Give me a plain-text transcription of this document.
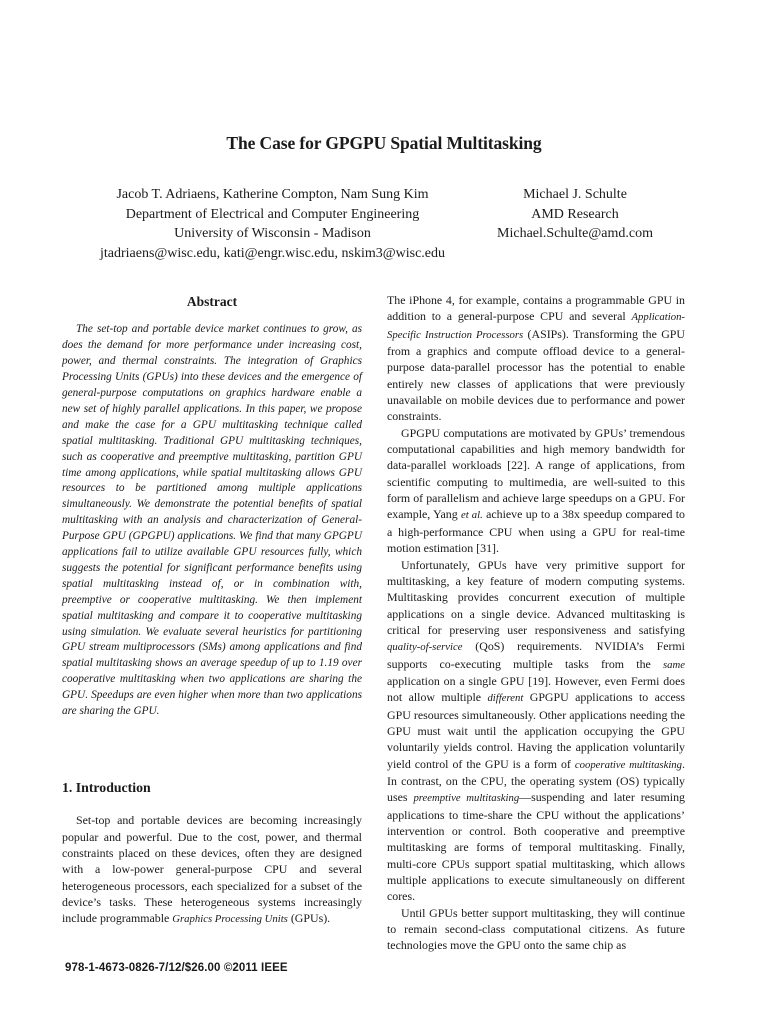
The Case for GPGPU Spatial Multitasking
Jacob T. Adriaens, Katherine Compton, Nam Sung Kim
Department of Electrical and Computer Engineering
University of Wisconsin - Madison
jtadriaens@wisc.edu, kati@engr.wisc.edu, nskim3@wisc.edu
Michael J. Schulte
AMD Research
Michael.Schulte@amd.com
Abstract

The set-top and portable device market continues to grow, as does the demand for more performance under increasing cost, power, and thermal constraints. The integration of Graphics Processing Units (GPUs) into these devices and the emergence of general-purpose computations on graphics hardware enable a new set of highly parallel applications. In this paper, we propose and make the case for a GPU multitasking technique called spatial multitasking. Traditional GPU multitasking techniques, such as cooperative and preemptive multitasking, partition GPU time among applications, while spatial multitasking allows GPU resources to be partitioned among multiple applications simultaneously. We demonstrate the potential benefits of spatial multitasking with an analysis and characterization of General-Purpose GPU (GPGPU) applications. We find that many GPGPU applications fail to utilize available GPU resources fully, which suggests the potential for significant performance benefits using spatial multitasking instead of, or in combination with, preemptive or cooperative multitasking. We then implement spatial multitasking and compare it to cooperative multitasking using simulation. We evaluate several heuristics for partitioning GPU stream multiprocessors (SMs) among applications and find spatial multitasking shows an average speedup of up to 1.19 over cooperative multitasking when two applications are sharing the GPU. Speedups are even higher when more than two applications are sharing the GPU.

1. Introduction

Set-top and portable devices are becoming increasingly popular and powerful. Due to the cost, power, and thermal constraints placed on these devices, often they are designed with a low-power general-purpose CPU and several heterogeneous processors, each specialized for a subset of the device’s tasks. These heterogeneous systems increasingly include programmable Graphics Processing Units (GPUs).

The iPhone 4, for example, contains a programmable GPU in addition to a general-purpose CPU and several Application-Specific Instruction Processors (ASIPs). Transforming the GPU from a graphics and compute offload device to a general-purpose data-parallel processor has the potential to enable entirely new classes of applications that were previously unavailable on mobile devices due to performance and power constraints.

GPGPU computations are motivated by GPUs’ tremendous computational capabilities and high memory bandwidth for data-parallel workloads [22]. A range of applications, from scientific computing to multimedia, are well-suited to this form of parallelism and achieve large speedups on a GPU. For example, Yang et al. achieve up to a 38x speedup compared to a high-performance CPU when using a GPU for real-time motion estimation [31].

Unfortunately, GPUs have very primitive support for multitasking, a key feature of modern computing systems. Multitasking provides concurrent execution of multiple applications on a single device. Advanced multitasking is critical for preserving user responsiveness and satisfying quality-of-service (QoS) requirements. NVIDIA’s Fermi supports co-executing multiple tasks from the same application on a single GPU [19]. However, even Fermi does not allow multiple different GPGPU applications to access GPU resources simultaneously. Other applications needing the GPU must wait until the application occupying the GPU voluntarily yields control. Having the application voluntarily yield control of the GPU is a form of cooperative multitasking. In contrast, on the CPU, the operating system (OS) typically uses preemptive multitasking—suspending and later resuming applications to time-share the CPU without the applications’ intervention or control. Both cooperative and preemptive multitasking are forms of temporal multitasking. Finally, multi-core CPUs support spatial multitasking, which allows multiple applications to execute simultaneously on different cores.

Until GPUs better support multitasking, they will continue to remain second-class computational citizens. As future technologies move the GPU onto the same chip as

978-1-4673-0826-7/12/$26.00 ©2011 IEEE
